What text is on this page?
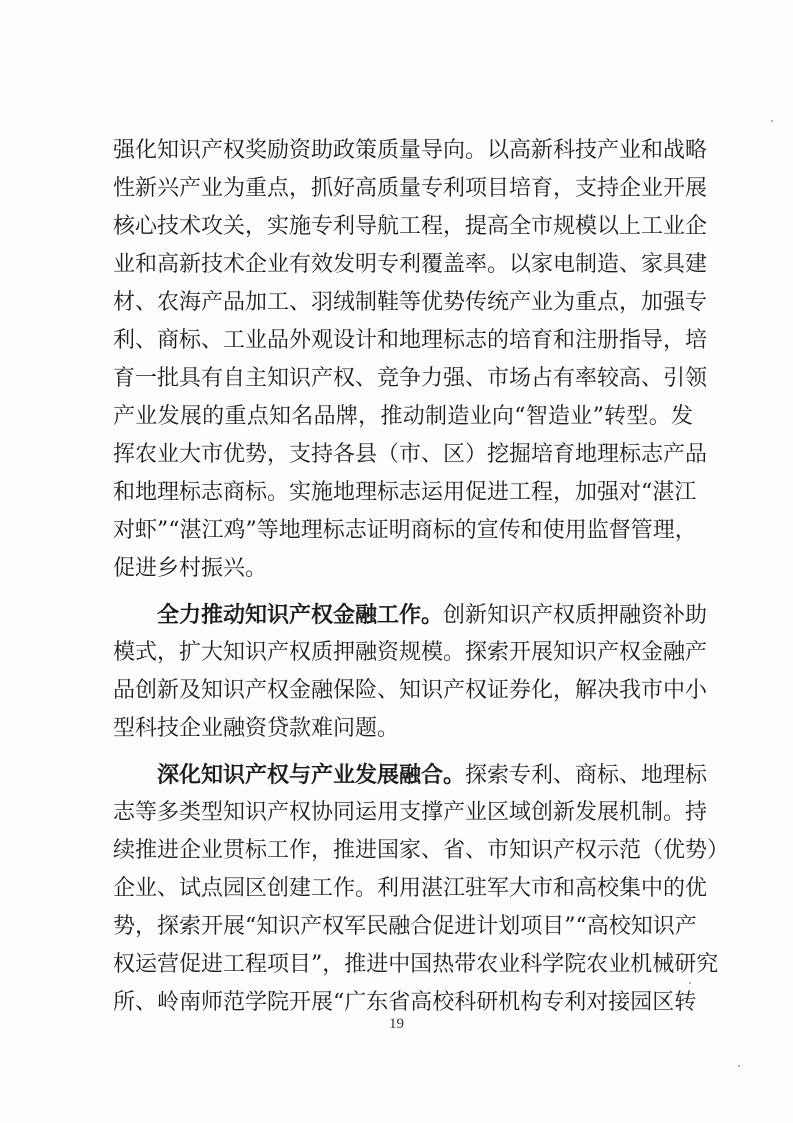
强化知识产权奖励资助政策质量导向。以高新科技产业和战略
性新兴产业为重点，抓好高质量专利项目培育，支持企业开展
核心技术攻关，实施专利导航工程，提高全市规模以上工业企
业和高新技术企业有效发明专利覆盖率。以家电制造、家具建
材、农海产品加工、羽绒制鞋等优势传统产业为重点，加强专
利、商标、工业品外观设计和地理标志的培育和注册指导，培
育一批具有自主知识产权、竞争力强、市场占有率较高、引领
产业发展的重点知名品牌，推动制造业向“智造业”转型。发
挥农业大市优势，支持各县（市、区）挖掘培育地理标志产品
和地理标志商标。实施地理标志运用促进工程，加强对“湛江
对虾”“湛江鸡”等地理标志证明商标的宣传和使用监督管理，
促进乡村振兴。
全力推动知识产权金融工作。创新知识产权质押融资补助
模式，扩大知识产权质押融资规模。探索开展知识产权金融产
品创新及知识产权金融保险、知识产权证券化，解决我市中小
型科技企业融资贷款难问题。
深化知识产权与产业发展融合。探索专利、商标、地理标
志等多类型知识产权协同运用支撑产业区域创新发展机制。持
续推进企业贯标工作，推进国家、省、市知识产权示范（优势）
企业、试点园区创建工作。利用湛江驻军大市和高校集中的优
势，探索开展“知识产权军民融合促进计划项目”“高校知识产
权运营促进工程项目”，推进中国热带农业科学院农业机械研究
所、岭南师范学院开展“广东省高校科研机构专利对接园区转
19
